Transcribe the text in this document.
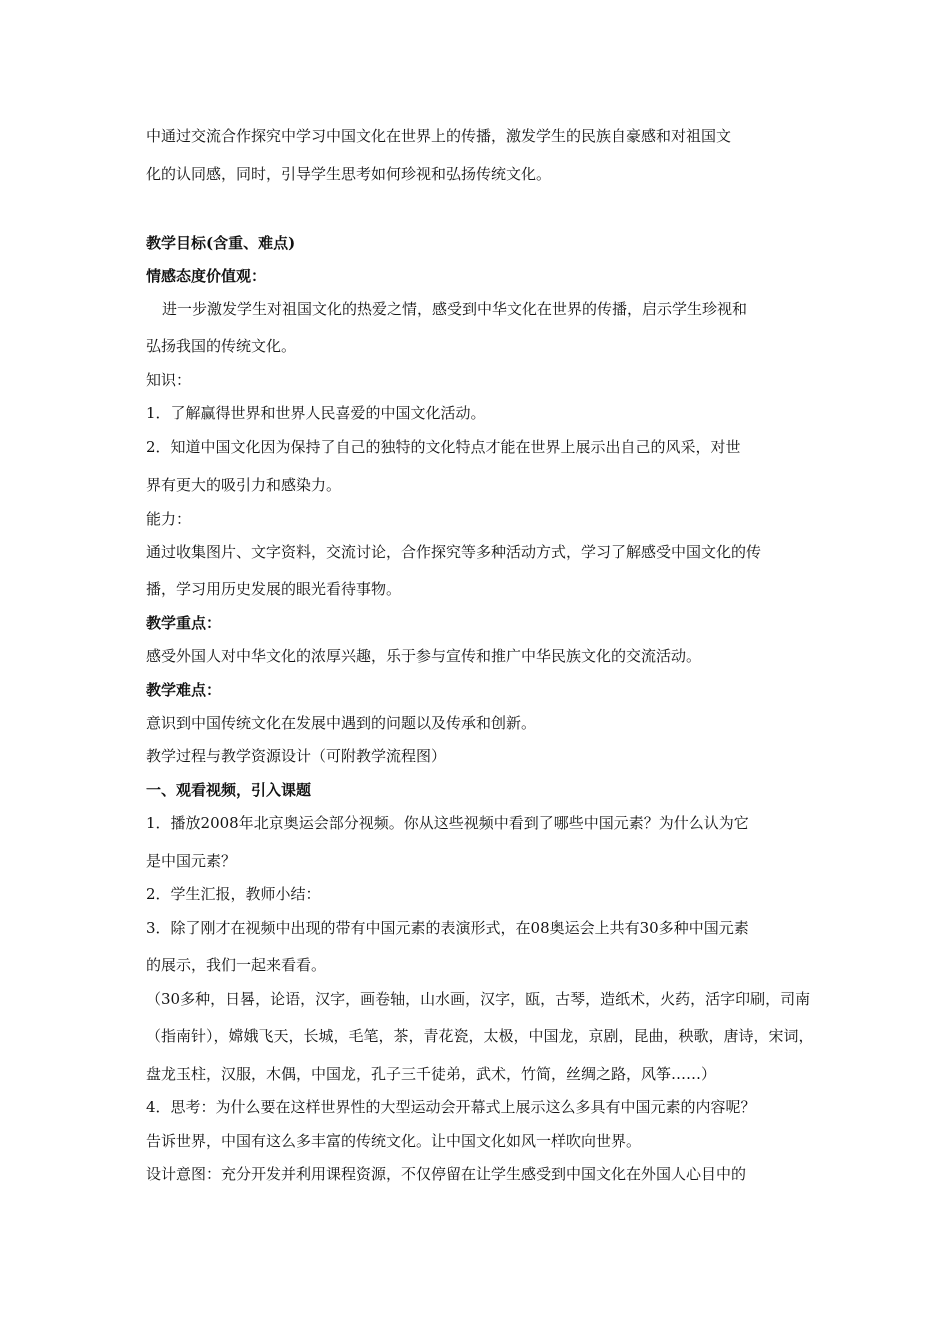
中通过交流合作探究中学习中国文化在世界上的传播，激发学生的民族自豪感和对祖国文
化的认同感，同时，引导学生思考如何珍视和弘扬传统文化。
教学目标(含重、难点)
情感态度价值观：
进一步激发学生对祖国文化的热爱之情，感受到中华文化在世界的传播，启示学生珍视和
弘扬我国的传统文化。
知识：
1．了解赢得世界和世界人民喜爱的中国文化活动。
2．知道中国文化因为保持了自己的独特的文化特点才能在世界上展示出自己的风采，对世
界有更大的吸引力和感染力。
能力：
通过收集图片、文字资料，交流讨论，合作探究等多种活动方式，学习了解感受中国文化的传
播，学习用历史发展的眼光看待事物。
教学重点：
感受外国人对中华文化的浓厚兴趣，乐于参与宣传和推广中华民族文化的交流活动。
教学难点：
意识到中国传统文化在发展中遇到的问题以及传承和创新。
教学过程与教学资源设计（可附教学流程图）
一、观看视频，引入课题
1．播放2008年北京奥运会部分视频。你从这些视频中看到了哪些中国元素？为什么认为它
是中国元素？
2．学生汇报，教师小结：
3．除了刚才在视频中出现的带有中国元素的表演形式，在08奥运会上共有30多种中国元素
的展示，我们一起来看看。
（30多种，日晷，论语，汉字，画卷轴，山水画，汉字，瓯，古琴，造纸术，火药，活字印刷，司南
（指南针），嫦娥飞天，长城，毛笔，茶，青花瓷，太极，中国龙，京剧，昆曲，秧歌，唐诗，宋词，
盘龙玉柱，汉服，木偶，中国龙，孔子三千徒弟，武术，竹简，丝绸之路，风筝……）
4．思考：为什么要在这样世界性的大型运动会开幕式上展示这么多具有中国元素的内容呢？
告诉世界，中国有这么多丰富的传统文化。让中国文化如风一样吹向世界。
设计意图：充分开发并利用课程资源，不仅停留在让学生感受到中国文化在外国人心目中的
